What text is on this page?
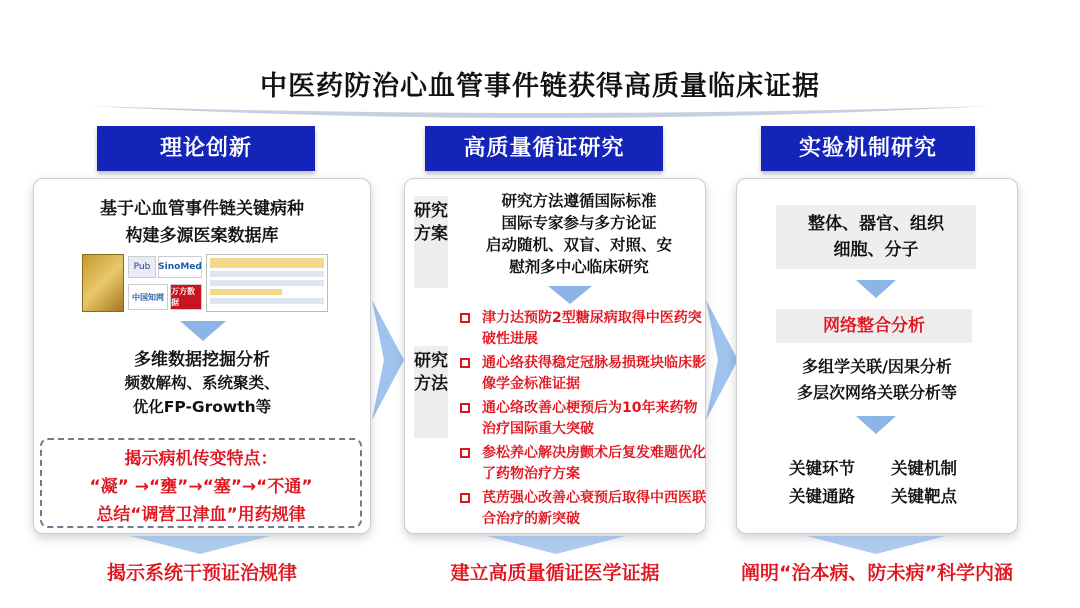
中医药防治心血管事件链获得高质量临床证据
理论创新
基于心血管事件链关键病种
构建多源医案数据库
Pub SinoMed
中国知网
万方数据
多维数据挖掘分析
频数解构、系统聚类、
优化FP-Growth等
揭示病机传变特点：
“凝” →“壅”→“塞”→“不通”
总结“调营卫津血”用药规律
揭示系统干预证治规律
高质量循证研究
研究方案
研究方法
研究方法遵循国际标准
国际专家参与多方论证
启动随机、双盲、对照、安
慰剂多中心临床研究
津力达预防2型糖尿病取得中医药突破性进展
通心络获得稳定冠脉易损斑块临床影像学金标准证据
通心络改善心梗预后为10年来药物治疗国际重大突破
参松养心解决房颤术后复发难题优化了药物治疗方案
芪苈强心改善心衰预后取得中西医联合治疗的新突破
建立高质量循证医学证据
实验机制研究
整体、器官、组织
细胞、分子
网络整合分析
多组学关联/因果分析
多层次网络关联分析等
关键环节	关键机制
关键通路	关键靶点
阐明“治本病、防未病”科学内涵
